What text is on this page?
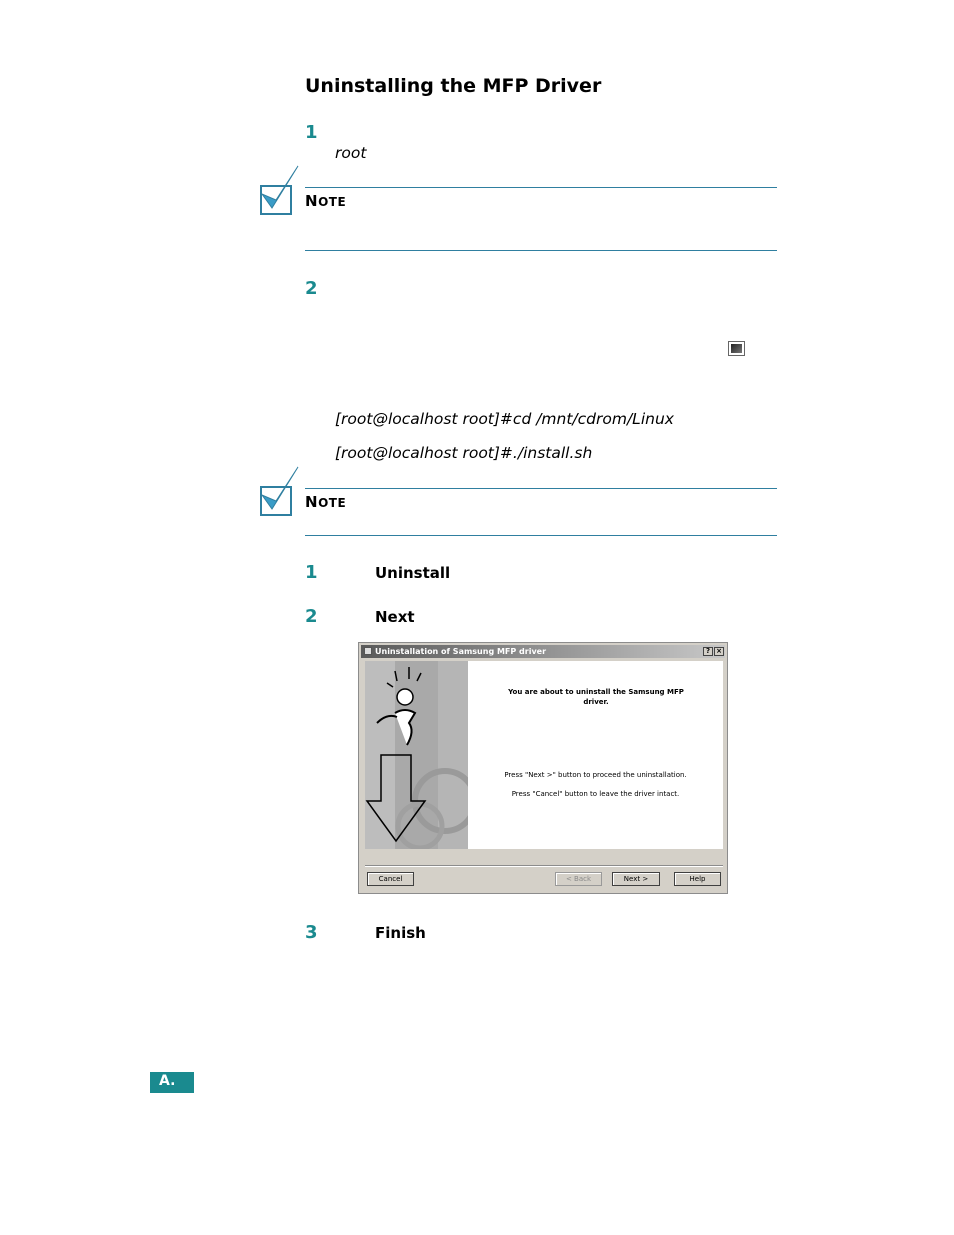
Uninstalling the MFP Driver
1
root
NOTE
2
[root@localhost root]#cd /mnt/cdrom/Linux
[root@localhost root]#./install.sh
NOTE
1	Uninstall
2	Next
Uninstallation of Samsung MFP driver	? ×
You are about to uninstall the Samsung MFP driver.
Press "Next >" button to proceed the uninstallation.
Press "Cancel" button to leave the driver intact.
Cancel	< Back	Next >	Help
3	Finish
A.
